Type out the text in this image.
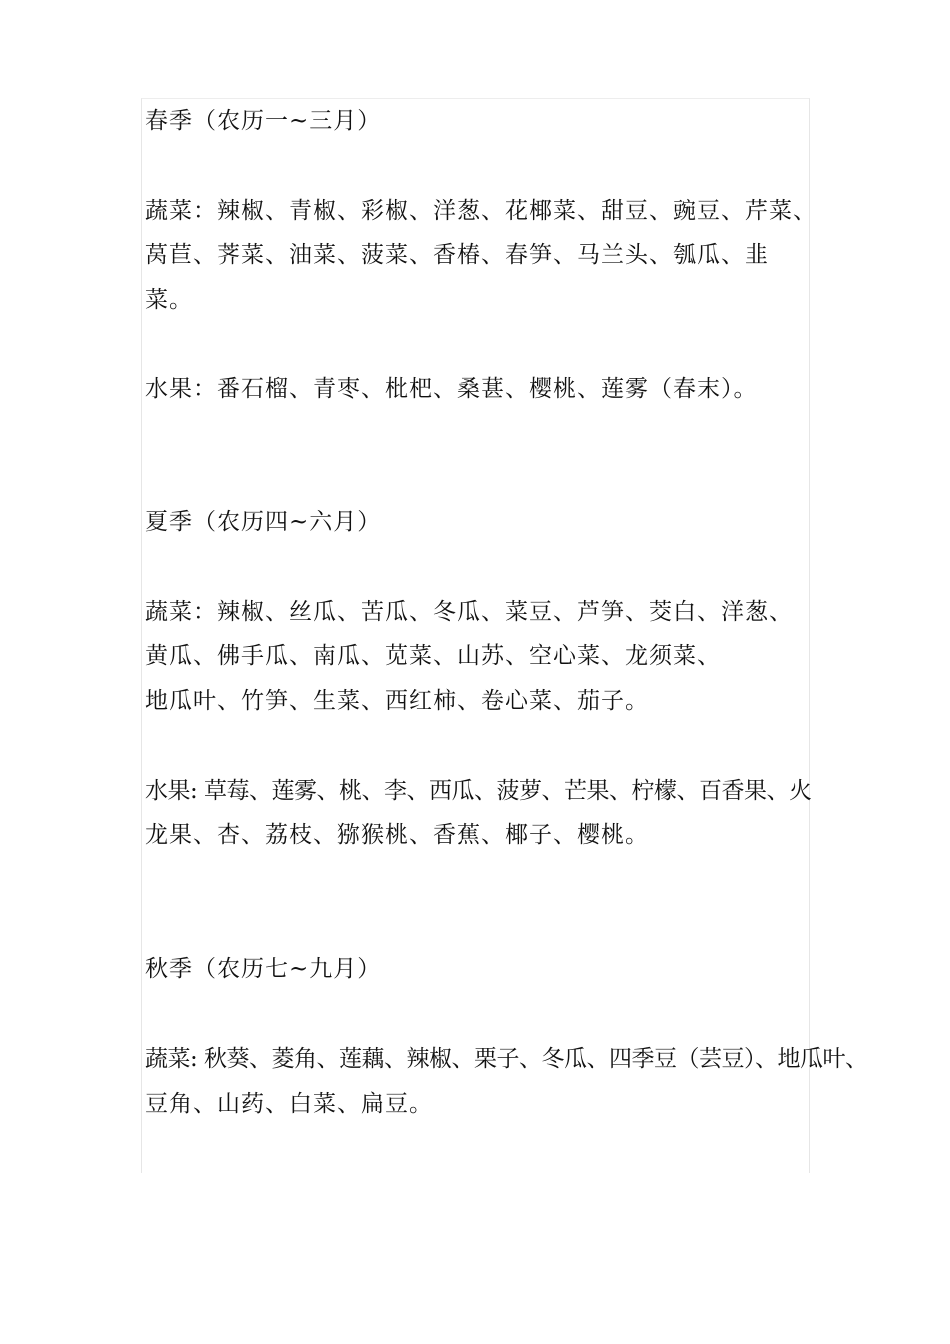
春季（农历一~三月）
蔬菜：辣椒、青椒、彩椒、洋葱、花椰菜、甜豆、豌豆、芹菜、
莴苣、荠菜、油菜、菠菜、香椿、春笋、马兰头、瓠瓜、韭
菜。
水果：番石榴、青枣、枇杷、桑葚、樱桃、莲雾（春末）。
夏季（农历四~六月）
蔬菜：辣椒、丝瓜、苦瓜、冬瓜、菜豆、芦笋、茭白、洋葱、
黄瓜、佛手瓜、南瓜、苋菜、山苏、空心菜、龙须菜、
地瓜叶、竹笋、生菜、西红柿、卷心菜、茄子。
水果: 草莓、莲雾、桃、李、西瓜、菠萝、芒果、柠檬、百香果、火
龙果、杏、荔枝、猕猴桃、香蕉、椰子、樱桃。
秋季（农历七~九月）
蔬菜: 秋葵、菱角、莲藕、辣椒、栗子、冬瓜、四季豆（芸豆）、地瓜叶、
豆角、山药、白菜、扁豆。
